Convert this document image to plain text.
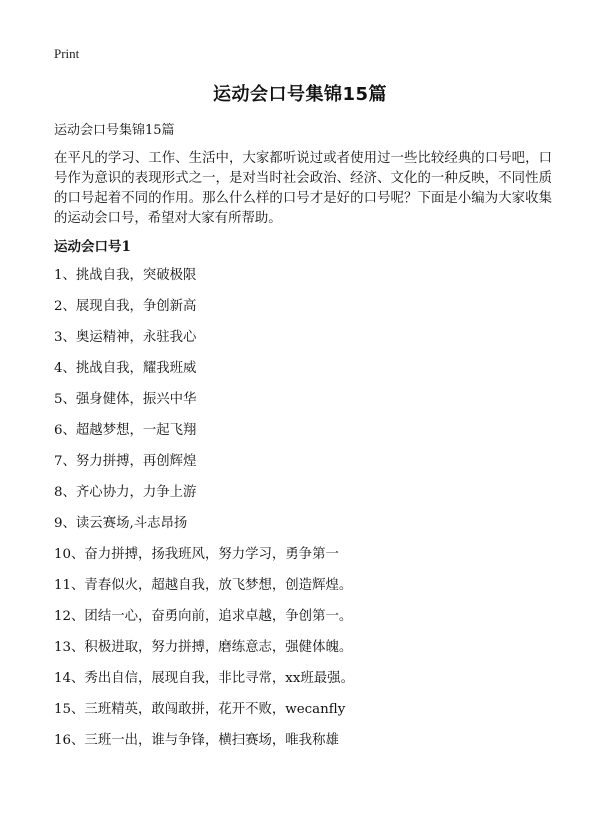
Print
运动会口号集锦15篇

运动会口号集锦15篇

在平凡的学习、工作、生活中，大家都听说过或者使用过一些比较经典的口号吧，口号作为意识的表现形式之一，是对当时社会政治、经济、文化的一种反映，不同性质的口号起着不同的作用。那么什么样的口号才是好的口号呢？下面是小编为大家收集的运动会口号，希望对大家有所帮助。

运动会口号1
1、挑战自我，突破极限
2、展现自我，争创新高
3、奥运精神，永驻我心
4、挑战自我，耀我班威
5、强身健体，振兴中华
6、超越梦想，一起飞翔
7、努力拼搏，再创辉煌
8、齐心协力，力争上游
9、读云赛场,斗志昂扬
10、奋力拼搏，扬我班风，努力学习，勇争第一
11、青春似火，超越自我，放飞梦想，创造辉煌。
12、团结一心，奋勇向前，追求卓越，争创第一。
13、积极进取，努力拼搏，磨练意志，强健体魄。
14、秀出自信，展现自我，非比寻常，xx班最强。
15、三班精英，敢闯敢拼，花开不败，wecanfly
16、三班一出，谁与争锋，横扫赛场，唯我称雄
